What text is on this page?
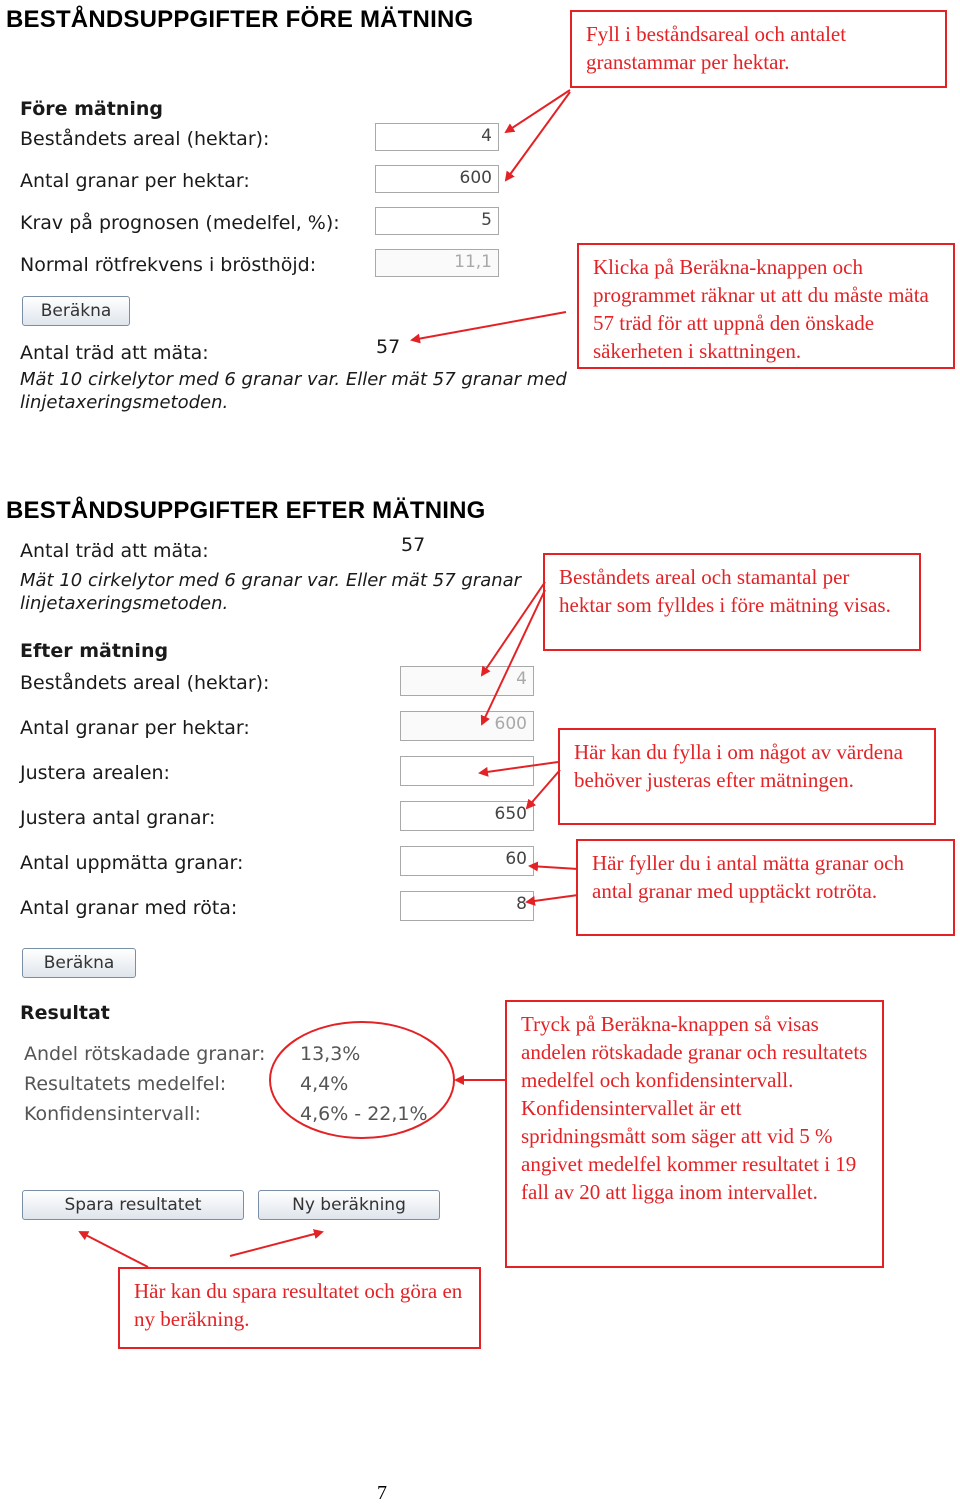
BESTÅNDSUPPGIFTER FÖRE MÄTNING
Före mätning
Beståndets areal (hektar):	4
Antal granar per hektar:	600
Krav på prognosen (medelfel, %):	5
Normal rötfrekvens i brösthöjd:	11,1
Beräkna
Antal träd att mäta:	57
Mät 10 cirkelytor med 6 granar var. Eller mät 57 granar med
linjetaxeringsmetoden.

Fyll i beståndsareal och antalet granstammar per hektar.

Klicka på Beräkna-knappen och programmet räknar ut att du måste mäta 57 träd för att uppnå den önskade säkerheten i skattningen.

BESTÅNDSUPPGIFTER EFTER MÄTNING
Antal träd att mäta:	57
Mät 10 cirkelytor med 6 granar var. Eller mät 57 granar
linjetaxeringsmetoden.
Efter mätning
Beståndets areal (hektar):	4
Antal granar per hektar:	600
Justera arealen:
Justera antal granar:	650
Antal uppmätta granar:	60
Antal granar med röta:	8
Beräkna
Resultat
Andel rötskadade granar: 13,3%
Resultatets medelfel:	4,4%
Konfidensintervall:	4,6% - 22,1%
Spara resultatet	Ny beräkning

Beståndets areal och stamantal per hektar som fylldes i före mätning visas.

Här kan du fylla i om något av värdena behöver justeras efter mätningen.

Här fyller du i antal mätta granar och antal granar med upptäckt rotröta.

Tryck på Beräkna-knappen så visas andelen rötskadade granar och resultatets medelfel och konfidensintervall. Konfidensintervallet är ett spridningsmått som säger att vid 5 % angivet medelfel kommer resultatet i 19 fall av 20 att ligga inom intervallet.

Här kan du spara resultatet och göra en ny beräkning.

7
